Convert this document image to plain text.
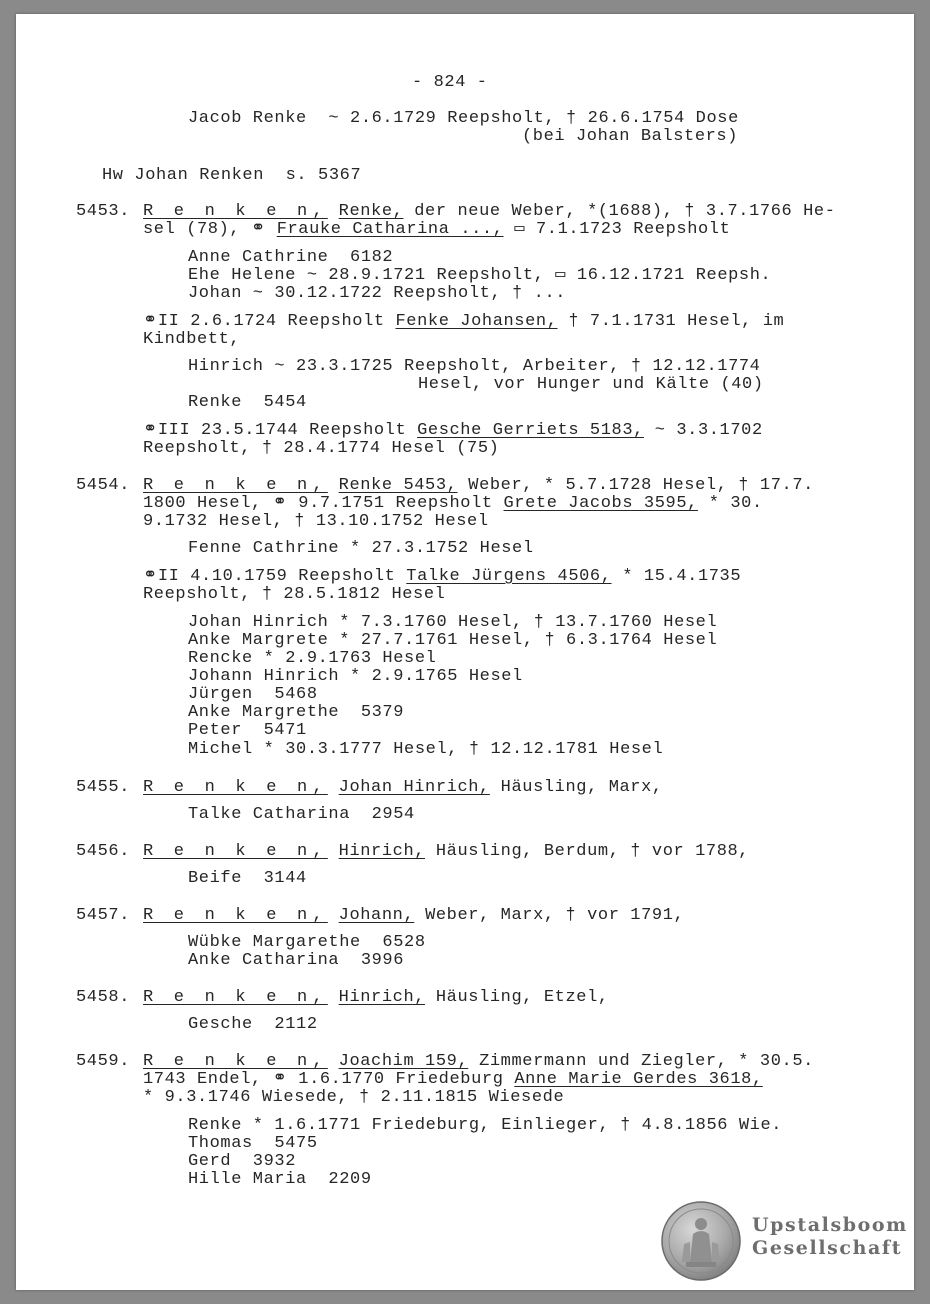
- 824 -
Jacob Renke  ~ 2.6.1729 Reepsholt, † 26.6.1754 Dose
(bei Johan Balsters)
Hw Johan Renken  s. 5367
5453. R e n k e n, Renke, der neue Weber, *(1688), † 3.7.1766 He-
sel (78), ⚭ Frauke Catharina ..., ▭ 7.1.1723 Reepsholt
Anne Cathrine  6182
Ehe Helene ~ 28.9.1721 Reepsholt, ▭ 16.12.1721 Reepsh.
Johan ~ 30.12.1722 Reepsholt, † ...
⚭II 2.6.1724 Reepsholt Fenke Johansen, † 7.1.1731 Hesel, im
Kindbett,
Hinrich ~ 23.3.1725 Reepsholt, Arbeiter, † 12.12.1774
Hesel, vor Hunger und Kälte (40)
Renke  5454
⚭III 23.5.1744 Reepsholt Gesche Gerriets 5183, ~ 3.3.1702
Reepsholt, † 28.4.1774 Hesel (75)
5454. R e n k e n, Renke 5453, Weber, * 5.7.1728 Hesel, † 17.7.
1800 Hesel, ⚭ 9.7.1751 Reepsholt Grete Jacobs 3595, * 30.
9.1732 Hesel, † 13.10.1752 Hesel
Fenne Cathrine * 27.3.1752 Hesel
⚭II 4.10.1759 Reepsholt Talke Jürgens 4506, * 15.4.1735
Reepsholt, † 28.5.1812 Hesel
Johan Hinrich * 7.3.1760 Hesel, † 13.7.1760 Hesel
Anke Margrete * 27.7.1761 Hesel, † 6.3.1764 Hesel
Rencke * 2.9.1763 Hesel
Johann Hinrich * 2.9.1765 Hesel
Jürgen  5468
Anke Margrethe  5379
Peter  5471
Michel * 30.3.1777 Hesel, † 12.12.1781 Hesel
5455. R e n k e n, Johan Hinrich, Häusling, Marx,
Talke Catharina  2954
5456. R e n k e n, Hinrich, Häusling, Berdum, † vor 1788,
Beife  3144
5457. R e n k e n, Johann, Weber, Marx, † vor 1791,
Wübke Margarethe  6528
Anke Catharina  3996
5458. R e n k e n, Hinrich, Häusling, Etzel,
Gesche  2112
5459. R e n k e n, Joachim 159, Zimmermann und Ziegler, * 30.5.
1743 Endel, ⚭ 1.6.1770 Friedeburg Anne Marie Gerdes 3618,
* 9.3.1746 Wiesede, † 2.11.1815 Wiesede
Renke * 1.6.1771 Friedeburg, Einlieger, † 4.8.1856 Wie.
Thomas  5475
Gerd  3932
Hille Maria  2209
Upstalsboom
Gesellschaft
